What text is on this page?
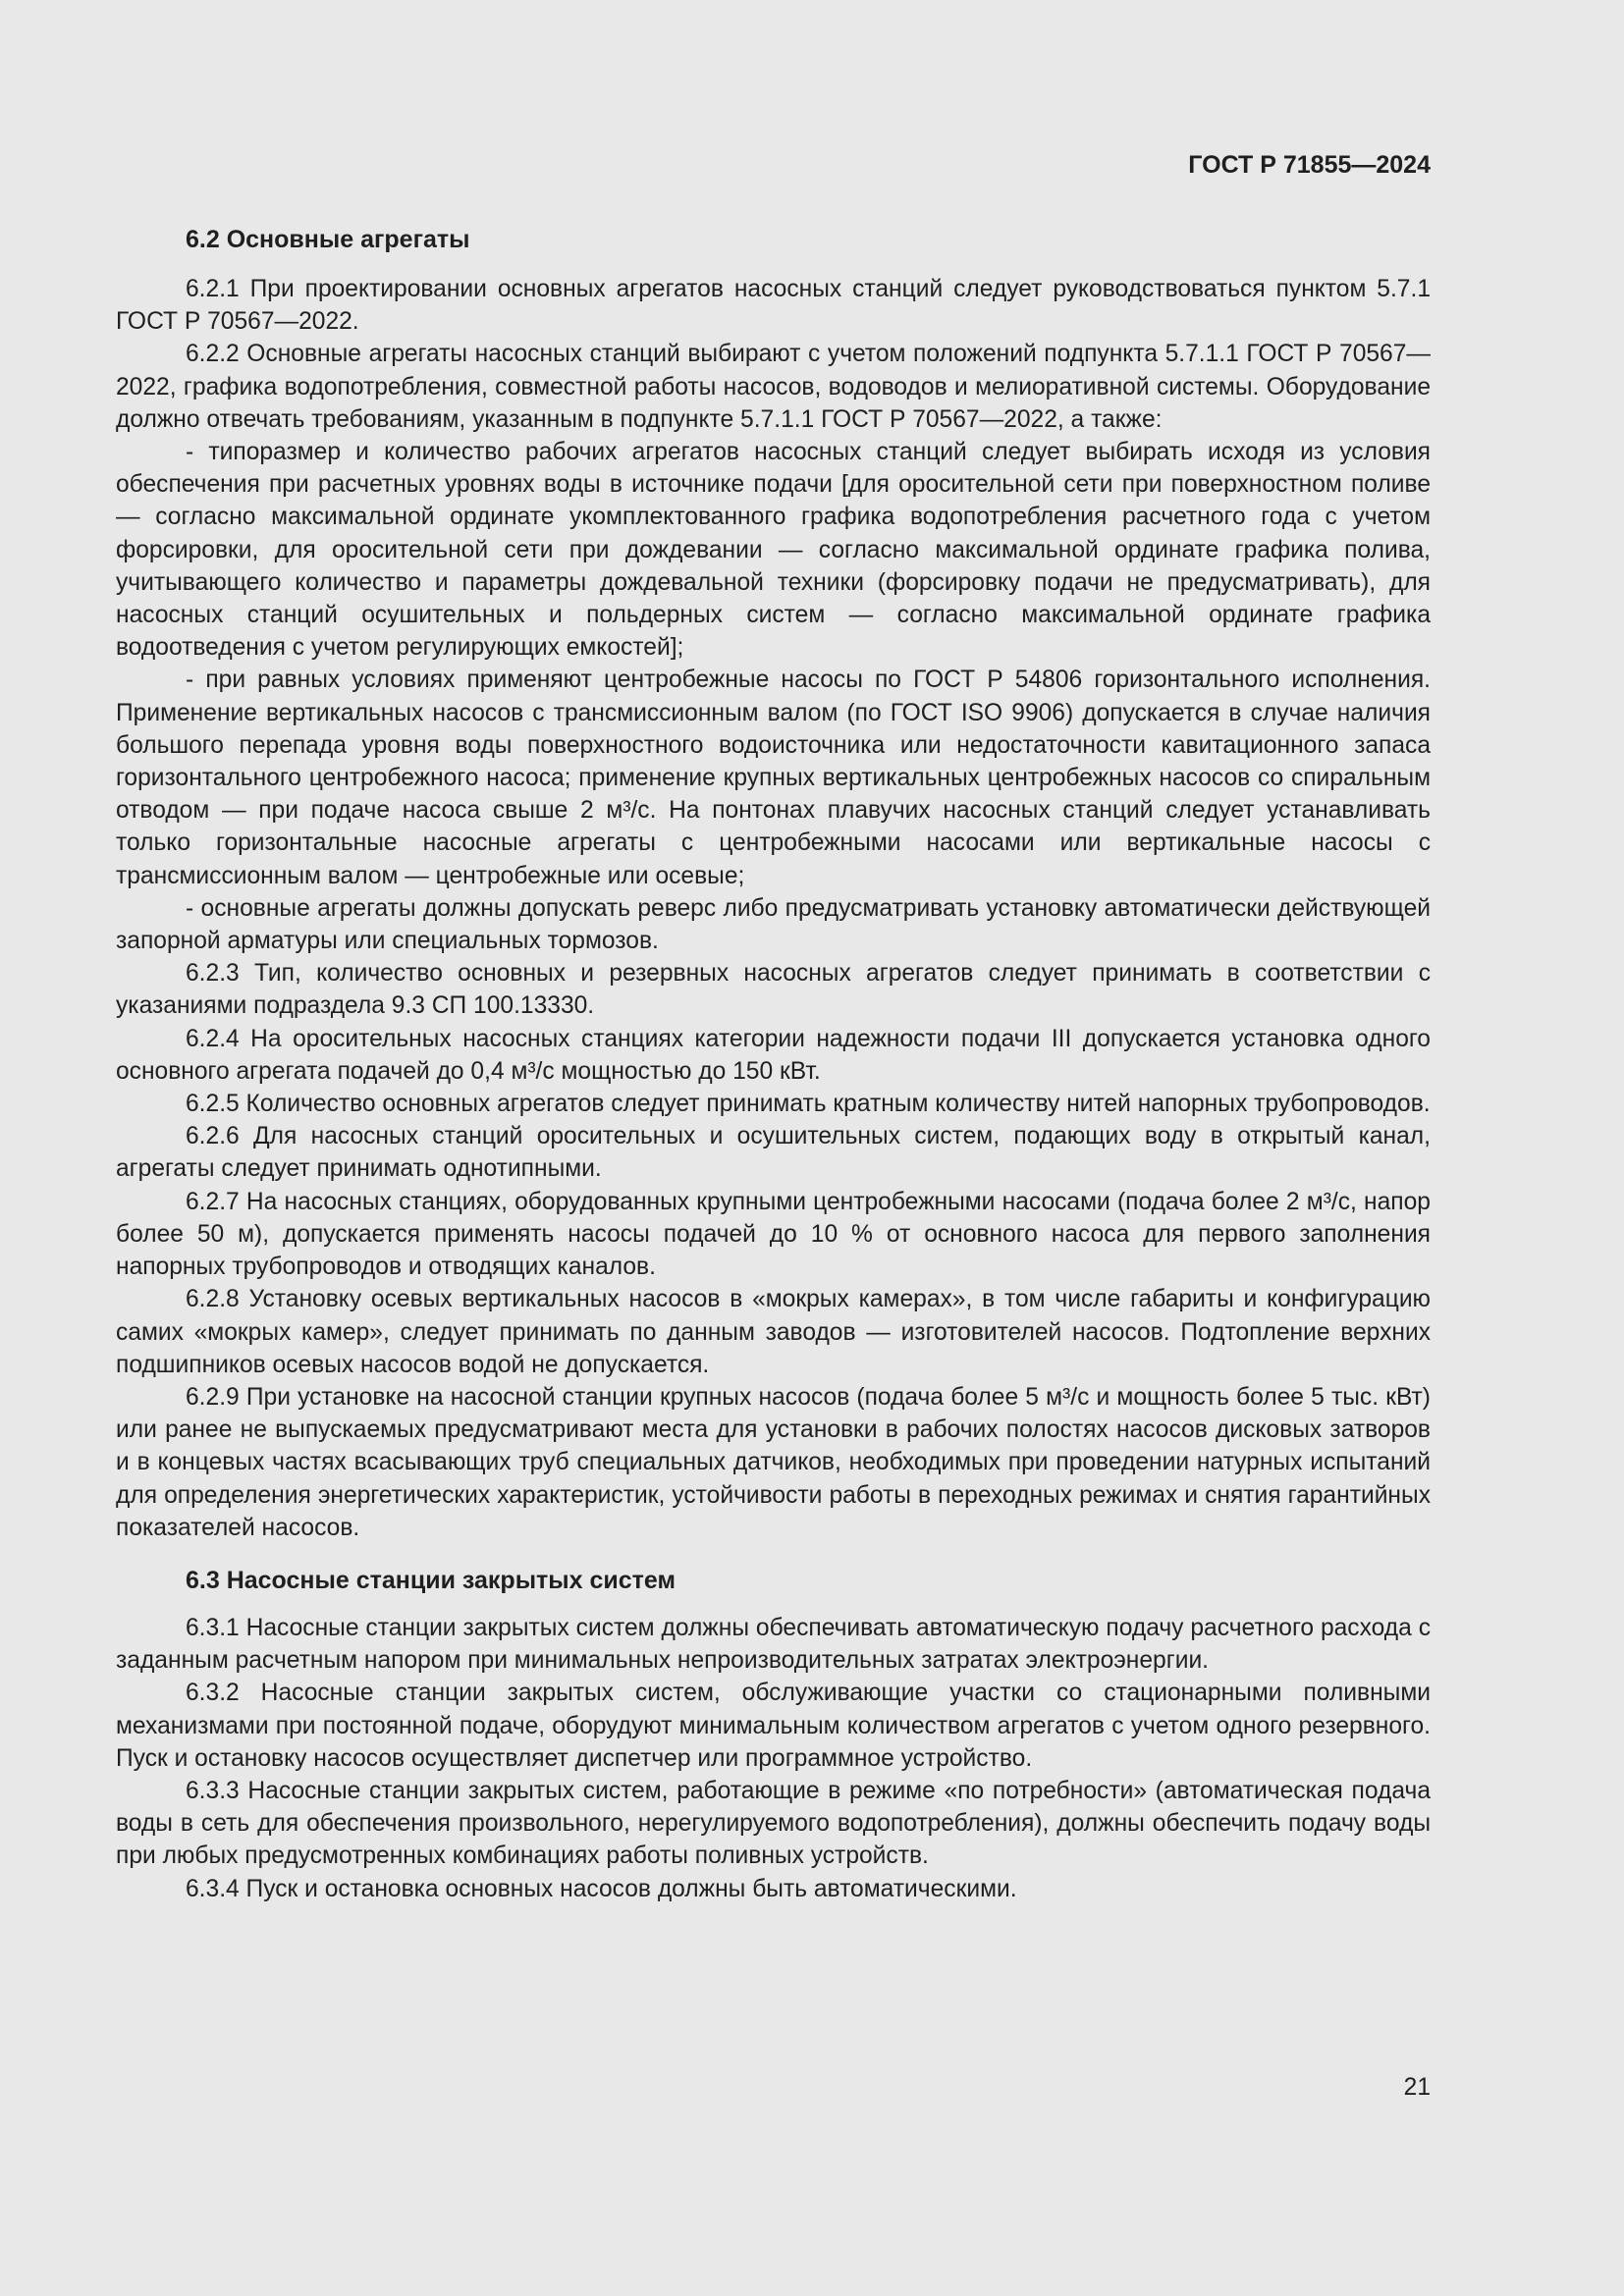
ГОСТ Р 71855—2024
6.2 Основные агрегаты

6.2.1 При проектировании основных агрегатов насосных станций следует руководствоваться пунктом 5.7.1 ГОСТ Р 70567—2022.

6.2.2 Основные агрегаты насосных станций выбирают с учетом положений подпункта 5.7.1.1 ГОСТ Р 70567—2022, графика водопотребления, совместной работы насосов, водоводов и мелиоративной системы. Оборудование должно отвечать требованиям, указанным в подпункте 5.7.1.1 ГОСТ Р 70567—2022, а также:

- типоразмер и количество рабочих агрегатов насосных станций следует выбирать исходя из условия обеспечения при расчетных уровнях воды в источнике подачи [для оросительной сети при поверхностном поливе — согласно максимальной ординате укомплектованного графика водопотребления расчетного года с учетом форсировки, для оросительной сети при дождевании — согласно максимальной ординате графика полива, учитывающего количество и параметры дождевальной техники (форсировку подачи не предусматривать), для насосных станций осушительных и польдерных систем — согласно максимальной ординате графика водоотведения с учетом регулирующих емкостей];

- при равных условиях применяют центробежные насосы по ГОСТ Р 54806 горизонтального исполнения. Применение вертикальных насосов с трансмиссионным валом (по ГОСТ ISO 9906) допускается в случае наличия большого перепада уровня воды поверхностного водоисточника или недостаточности кавитационного запаса горизонтального центробежного насоса; применение крупных вертикальных центробежных насосов со спиральным отводом — при подаче насоса свыше 2 м³/с. На понтонах плавучих насосных станций следует устанавливать только горизонтальные насосные агрегаты с центробежными насосами или вертикальные насосы с трансмиссионным валом — центробежные или осевые;

- основные агрегаты должны допускать реверс либо предусматривать установку автоматически действующей запорной арматуры или специальных тормозов.

6.2.3 Тип, количество основных и резервных насосных агрегатов следует принимать в соответствии с указаниями подраздела 9.3 СП 100.13330.

6.2.4 На оросительных насосных станциях категории надежности подачи III допускается установка одного основного агрегата подачей до 0,4 м³/с мощностью до 150 кВт.

6.2.5 Количество основных агрегатов следует принимать кратным количеству нитей напорных трубопроводов.

6.2.6 Для насосных станций оросительных и осушительных систем, подающих воду в открытый канал, агрегаты следует принимать однотипными.

6.2.7 На насосных станциях, оборудованных крупными центробежными насосами (подача более 2 м³/с, напор более 50 м), допускается применять насосы подачей до 10 % от основного насоса для первого заполнения напорных трубопроводов и отводящих каналов.

6.2.8 Установку осевых вертикальных насосов в «мокрых камерах», в том числе габариты и конфигурацию самих «мокрых камер», следует принимать по данным заводов — изготовителей насосов. Подтопление верхних подшипников осевых насосов водой не допускается.

6.2.9 При установке на насосной станции крупных насосов (подача более 5 м³/с и мощность более 5 тыс. кВт) или ранее не выпускаемых предусматривают места для установки в рабочих полостях насосов дисковых затворов и в концевых частях всасывающих труб специальных датчиков, необходимых при проведении натурных испытаний для определения энергетических характеристик, устойчивости работы в переходных режимах и снятия гарантийных показателей насосов.

6.3 Насосные станции закрытых систем

6.3.1 Насосные станции закрытых систем должны обеспечивать автоматическую подачу расчетного расхода с заданным расчетным напором при минимальных непроизводительных затратах электроэнергии.

6.3.2 Насосные станции закрытых систем, обслуживающие участки со стационарными поливными механизмами при постоянной подаче, оборудуют минимальным количеством агрегатов с учетом одного резервного. Пуск и остановку насосов осуществляет диспетчер или программное устройство.

6.3.3 Насосные станции закрытых систем, работающие в режиме «по потребности» (автоматическая подача воды в сеть для обеспечения произвольного, нерегулируемого водопотребления), должны обеспечить подачу воды при любых предусмотренных комбинациях работы поливных устройств.

6.3.4 Пуск и остановка основных насосов должны быть автоматическими.

21
